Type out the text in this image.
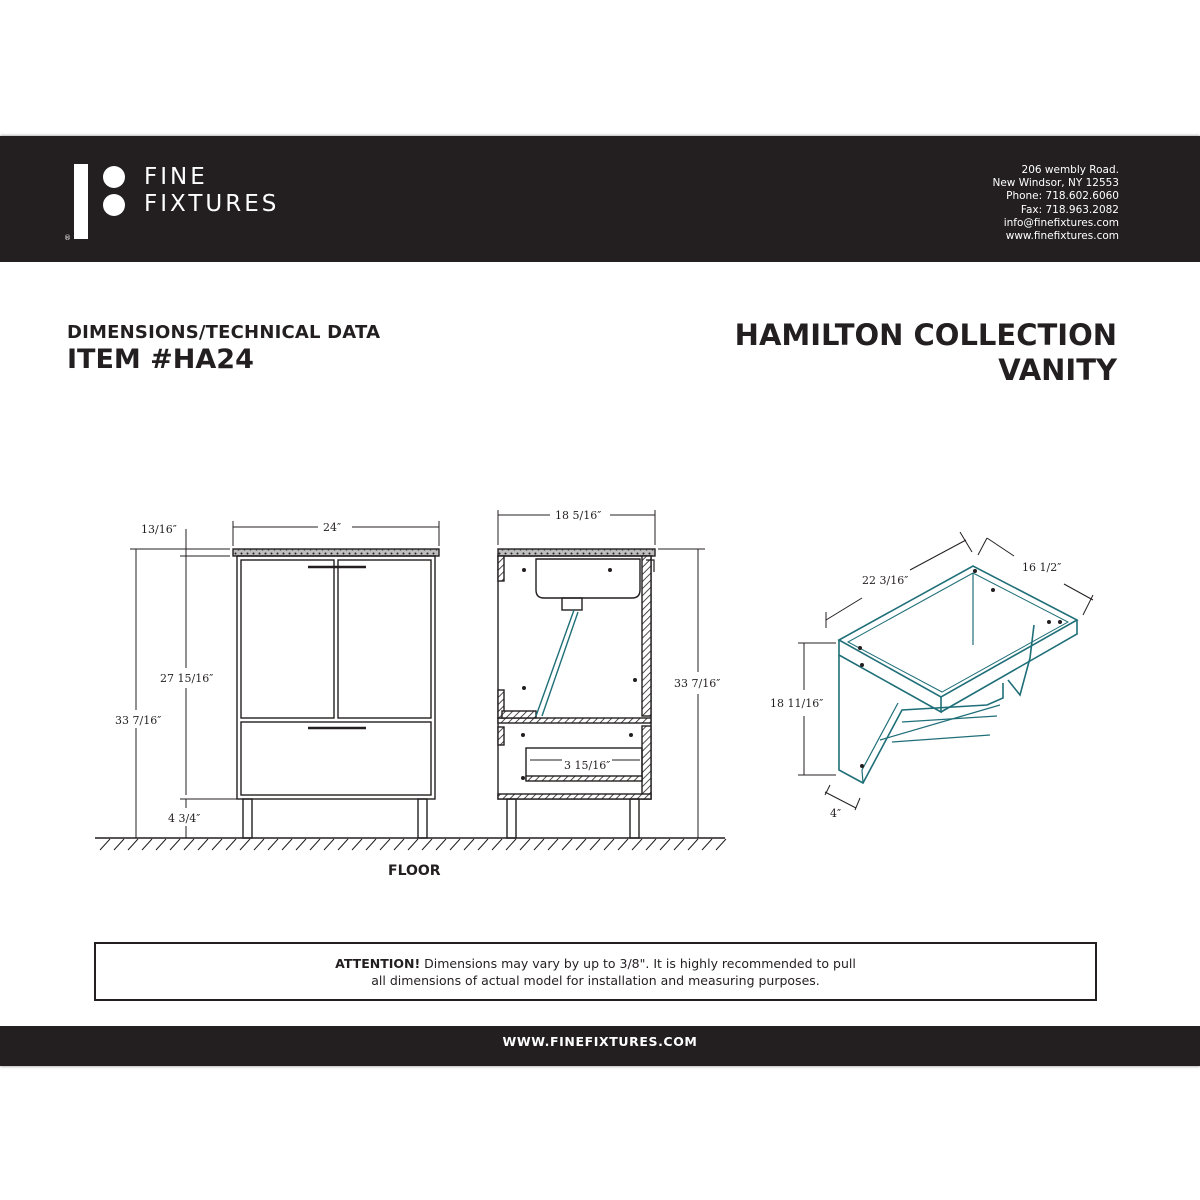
®
FINE
FIXTURES
206 wembly Road.
New Windsor, NY 12553
Phone: 718.602.6060
Fax: 718.963.2082
info@finefixtures.com
www.finefixtures.com
DIMENSIONS/TECHNICAL DATA
ITEM #HA24
HAMILTON COLLECTION
VANITY
24″
13/16″
27 15/16″
33 7/16″
4 3/4″
18 5/16″
33 7/16″
3 15/16″
22 3/16″
16 1/2″
18 11/16″
4″
FLOOR
ATTENTION! Dimensions may vary by up to 3/8". It is highly recommended to pull
all dimensions of actual model for installation and measuring purposes.
WWW.FINEFIXTURES.COM
